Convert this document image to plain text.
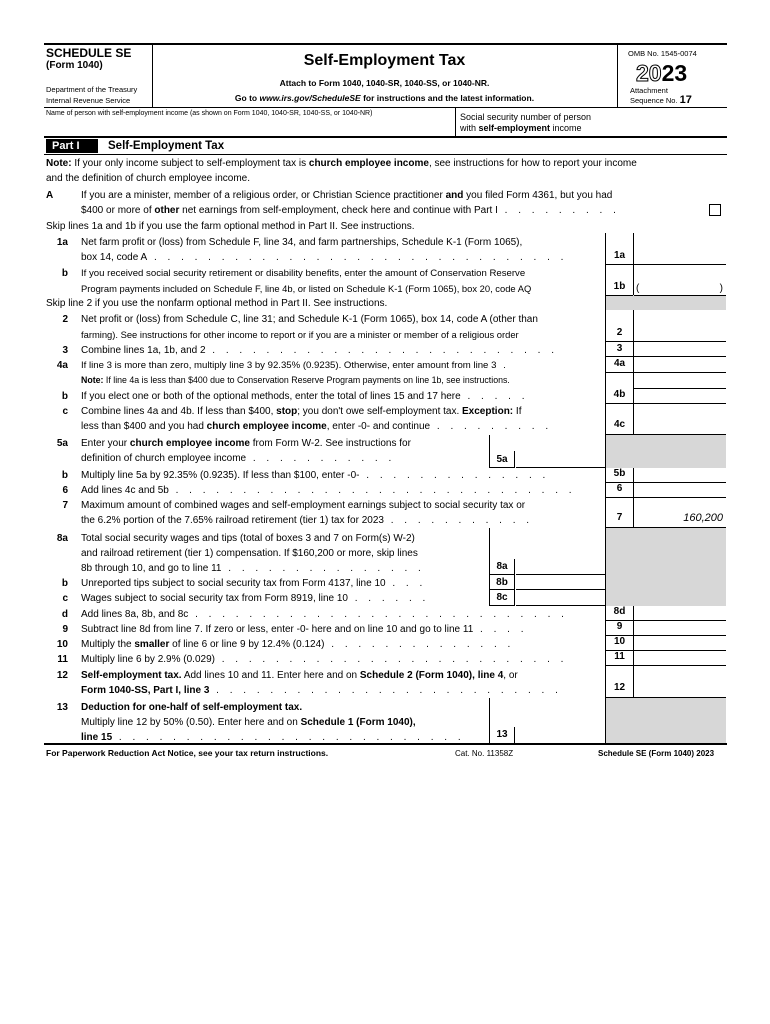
SCHEDULE SE
(Form 1040)
Department of the Treasury
Internal Revenue Service
Self-Employment Tax
Attach to Form 1040, 1040-SR, 1040-SS, or 1040-NR.
Go to www.irs.gov/ScheduleSE for instructions and the latest information.
OMB No. 1545-0074
2023
Attachment
Sequence No. 17
Name of person with self-employment income (as shown on Form 1040, 1040-SR, 1040-SS, or 1040-NR)	Social security number of person
with self-employment income
Part I	Self-Employment Tax
Note: If your only income subject to self-employment tax is church employee income, see instructions for how to report your income
and the definition of church employee income.
A	If you are a minister, member of a religious order, or Christian Science practitioner and you filed Form 4361, but you had
$400 or more of other net earnings from self-employment, check here and continue with Part I . . . . . . . . .
Skip lines 1a and 1b if you use the farm optional method in Part II. See instructions.
1a Net farm profit or (loss) from Schedule F, line 34, and farm partnerships, Schedule K-1 (Form 1065),
box 14, code A . . . . . . . . . . . . . . . . . . . . . . . . . . . . . . .	1a
b If you received social security retirement or disability benefits, enter the amount of Conservation Reserve
Program payments included on Schedule F, line 4b, or listed on Schedule K-1 (Form 1065), box 20, code AQ	1b	(	)
Skip line 2 if you use the nonfarm optional method in Part II. See instructions.
2 Net profit or (loss) from Schedule C, line 31; and Schedule K-1 (Form 1065), box 14, code A (other than
farming). See instructions for other income to report or if you are a minister or member of a religious order	2
3 Combine lines 1a, 1b, and 2 . . . . . . . . . . . . . . . . . . . . . . . . . .	3
4a If line 3 is more than zero, multiply line 3 by 92.35% (0.9235). Otherwise, enter amount from line 3 .	4a
Note: If line 4a is less than $400 due to Conservation Reserve Program payments on line 1b, see instructions.
b If you elect one or both of the optional methods, enter the total of lines 15 and 17 here . . . . .	4b
c Combine lines 4a and 4b. If less than $400, stop; you don't owe self-employment tax. Exception: If
less than $400 and you had church employee income, enter -0- and continue . . . . . . . . .	4c
5a Enter your church employee income from Form W-2. See instructions for
definition of church employee income . . . . . . . . . . .	5a
b Multiply line 5a by 92.35% (0.9235). If less than $100, enter -0- . . . . . . . . . . . . . .	5b
6 Add lines 4c and 5b . . . . . . . . . . . . . . . . . . . . . . . . . . . . . .	6
7 Maximum amount of combined wages and self-employment earnings subject to social security tax or
the 6.2% portion of the 7.65% railroad retirement (tier 1) tax for 2023 . . . . . . . . . . .	7	160,200
8a Total social security wages and tips (total of boxes 3 and 7 on Form(s) W-2)
and railroad retirement (tier 1) compensation. If $160,200 or more, skip lines
8b through 10, and go to line 11 . . . . . . . . . . . . . . .	8a
b Unreported tips subject to social security tax from Form 4137, line 10 . . .	8b
c Wages subject to social security tax from Form 8919, line 10 . . . . . .	8c
d Add lines 8a, 8b, and 8c . . . . . . . . . . . . . . . . . . . . . . . . . . . .	8d
9 Subtract line 8d from line 7. If zero or less, enter -0- here and on line 10 and go to line 11 . . . .	9
10 Multiply the smaller of line 6 or line 9 by 12.4% (0.124) . . . . . . . . . . . . . .	10
11 Multiply line 6 by 2.9% (0.029) . . . . . . . . . . . . . . . . . . . . . . . . . .	11
12 Self-employment tax. Add lines 10 and 11. Enter here and on Schedule 2 (Form 1040), line 4, or
Form 1040-SS, Part I, line 3 . . . . . . . . . . . . . . . . . . . . . . . . . .	12
13 Deduction for one-half of self-employment tax.
Multiply line 12 by 50% (0.50). Enter here and on Schedule 1 (Form 1040),
line 15 . . . . . . . . . . . . . . . . . . . . . . . . . .	13
For Paperwork Reduction Act Notice, see your tax return instructions.	Cat. No. 11358Z	Schedule SE (Form 1040) 2023
